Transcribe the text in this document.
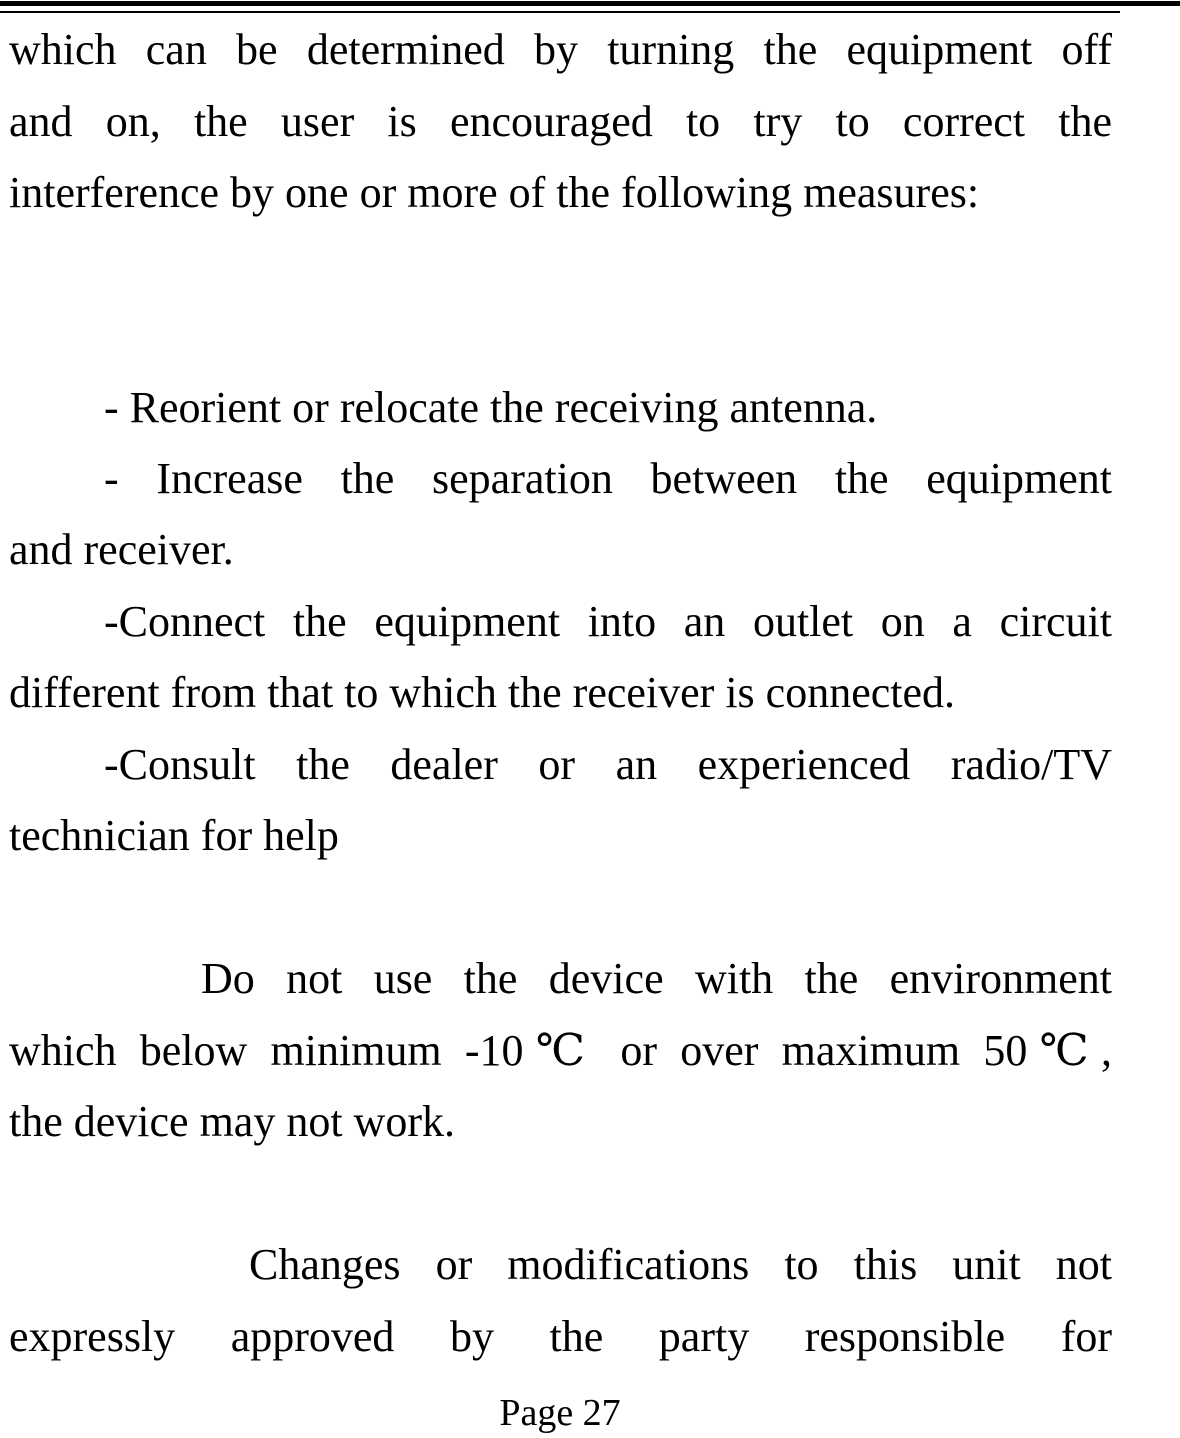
which can be determined by turning the equipment off
and on, the user is encouraged to try to correct the
interference by one or more of the following measures:
- Reorient or relocate the receiving antenna.
- Increase the separation between the equipment
and receiver.
-Connect the equipment into an outlet on a circuit
different from that to which the receiver is connected.
-Consult the dealer or an experienced radio/TV
technician for help
Do not use the device with the environment
which below minimum -10℃ or over maximum 50℃,
the device may not work.
Changes or modifications to this unit not
expressly approved by the party responsible for
Page 27
